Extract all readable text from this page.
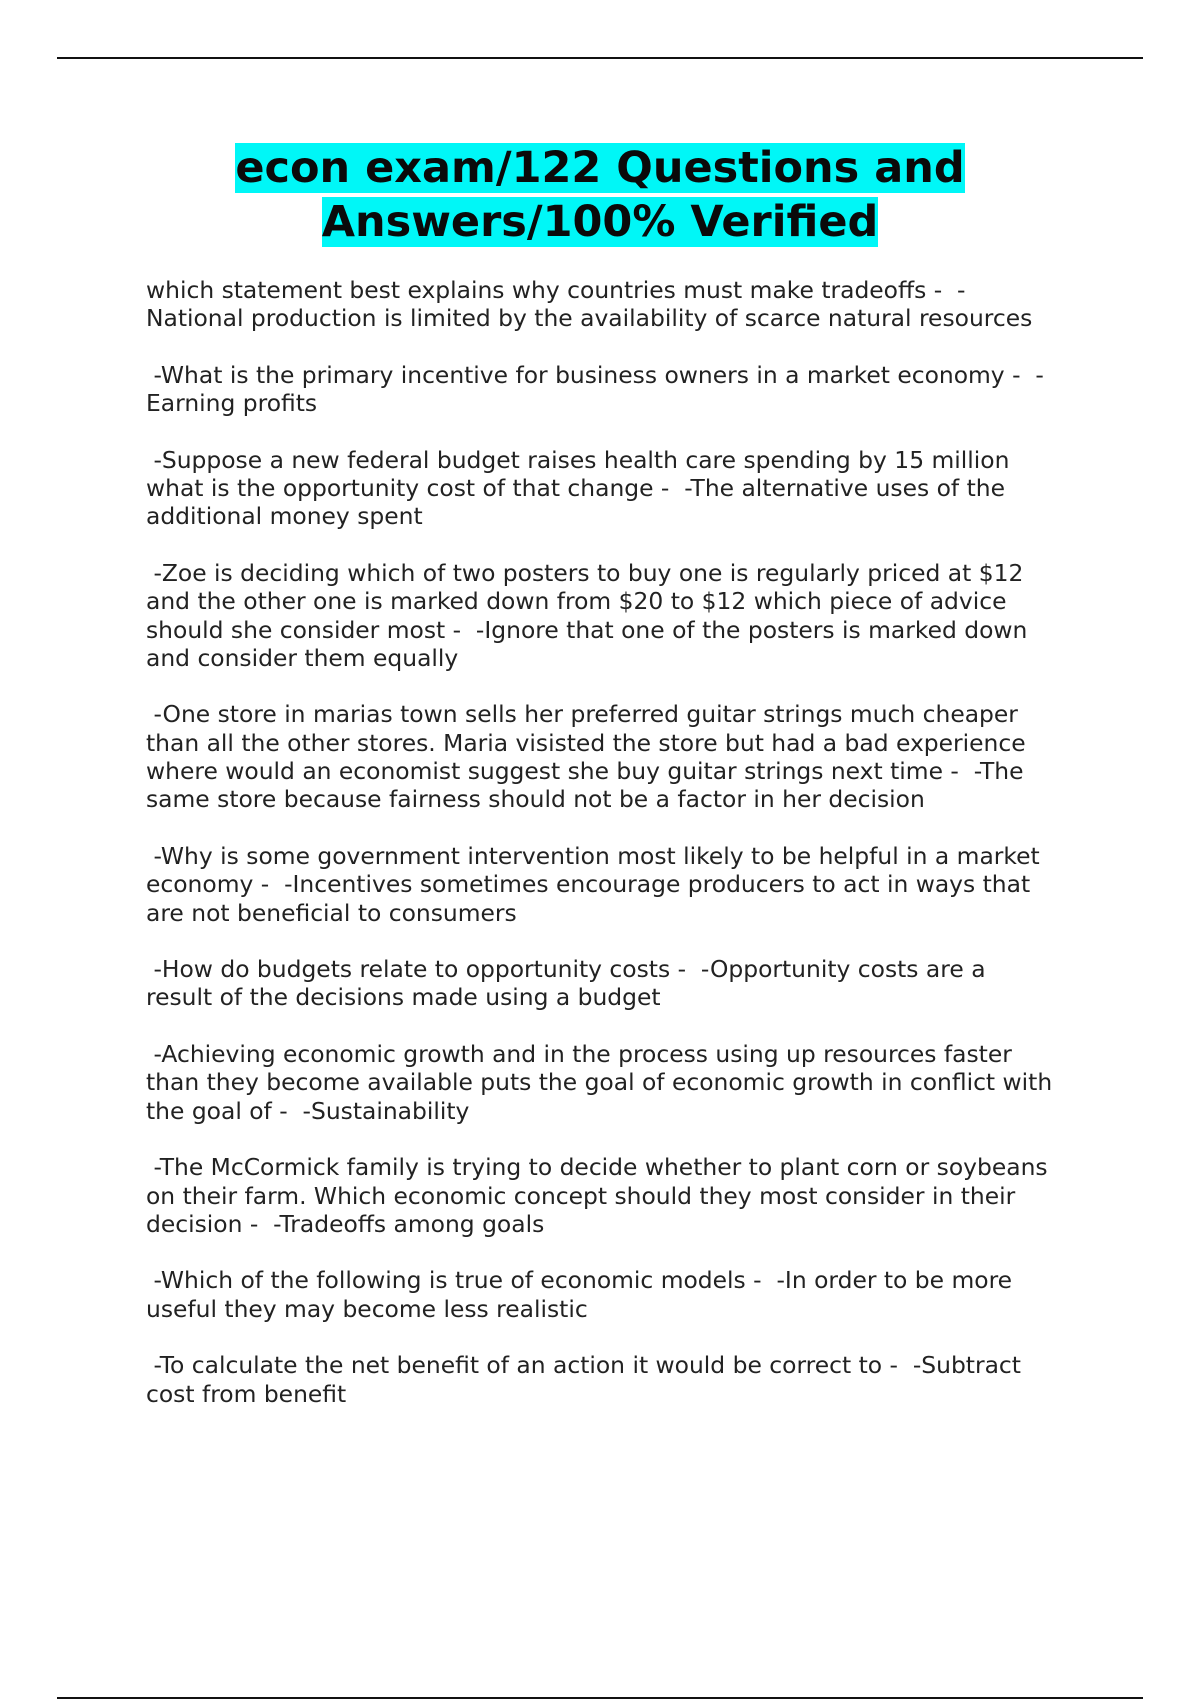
econ exam/122 Questions and
Answers/100% Verified

which statement best explains why countries must make tradeoffs -  -
National production is limited by the availability of scarce natural resources

-What is the primary incentive for business owners in a market economy -  -
Earning profits

-Suppose a new federal budget raises health care spending by 15 million
what is the opportunity cost of that change -  -The alternative uses of the
additional money spent

-Zoe is deciding which of two posters to buy one is regularly priced at $12
and the other one is marked down from $20 to $12 which piece of advice
should she consider most -  -Ignore that one of the posters is marked down
and consider them equally

-One store in marias town sells her preferred guitar strings much cheaper
than all the other stores. Maria visisted the store but had a bad experience
where would an economist suggest she buy guitar strings next time -  -The
same store because fairness should not be a factor in her decision

-Why is some government intervention most likely to be helpful in a market
economy -  -Incentives sometimes encourage producers to act in ways that
are not beneficial to consumers

-How do budgets relate to opportunity costs -  -Opportunity costs are a
result of the decisions made using a budget

-Achieving economic growth and in the process using up resources faster
than they become available puts the goal of economic growth in conflict with
the goal of -  -Sustainability

-The McCormick family is trying to decide whether to plant corn or soybeans
on their farm. Which economic concept should they most consider in their
decision -  -Tradeoffs among goals

-Which of the following is true of economic models -  -In order to be more
useful they may become less realistic

-To calculate the net benefit of an action it would be correct to -  -Subtract
cost from benefit
